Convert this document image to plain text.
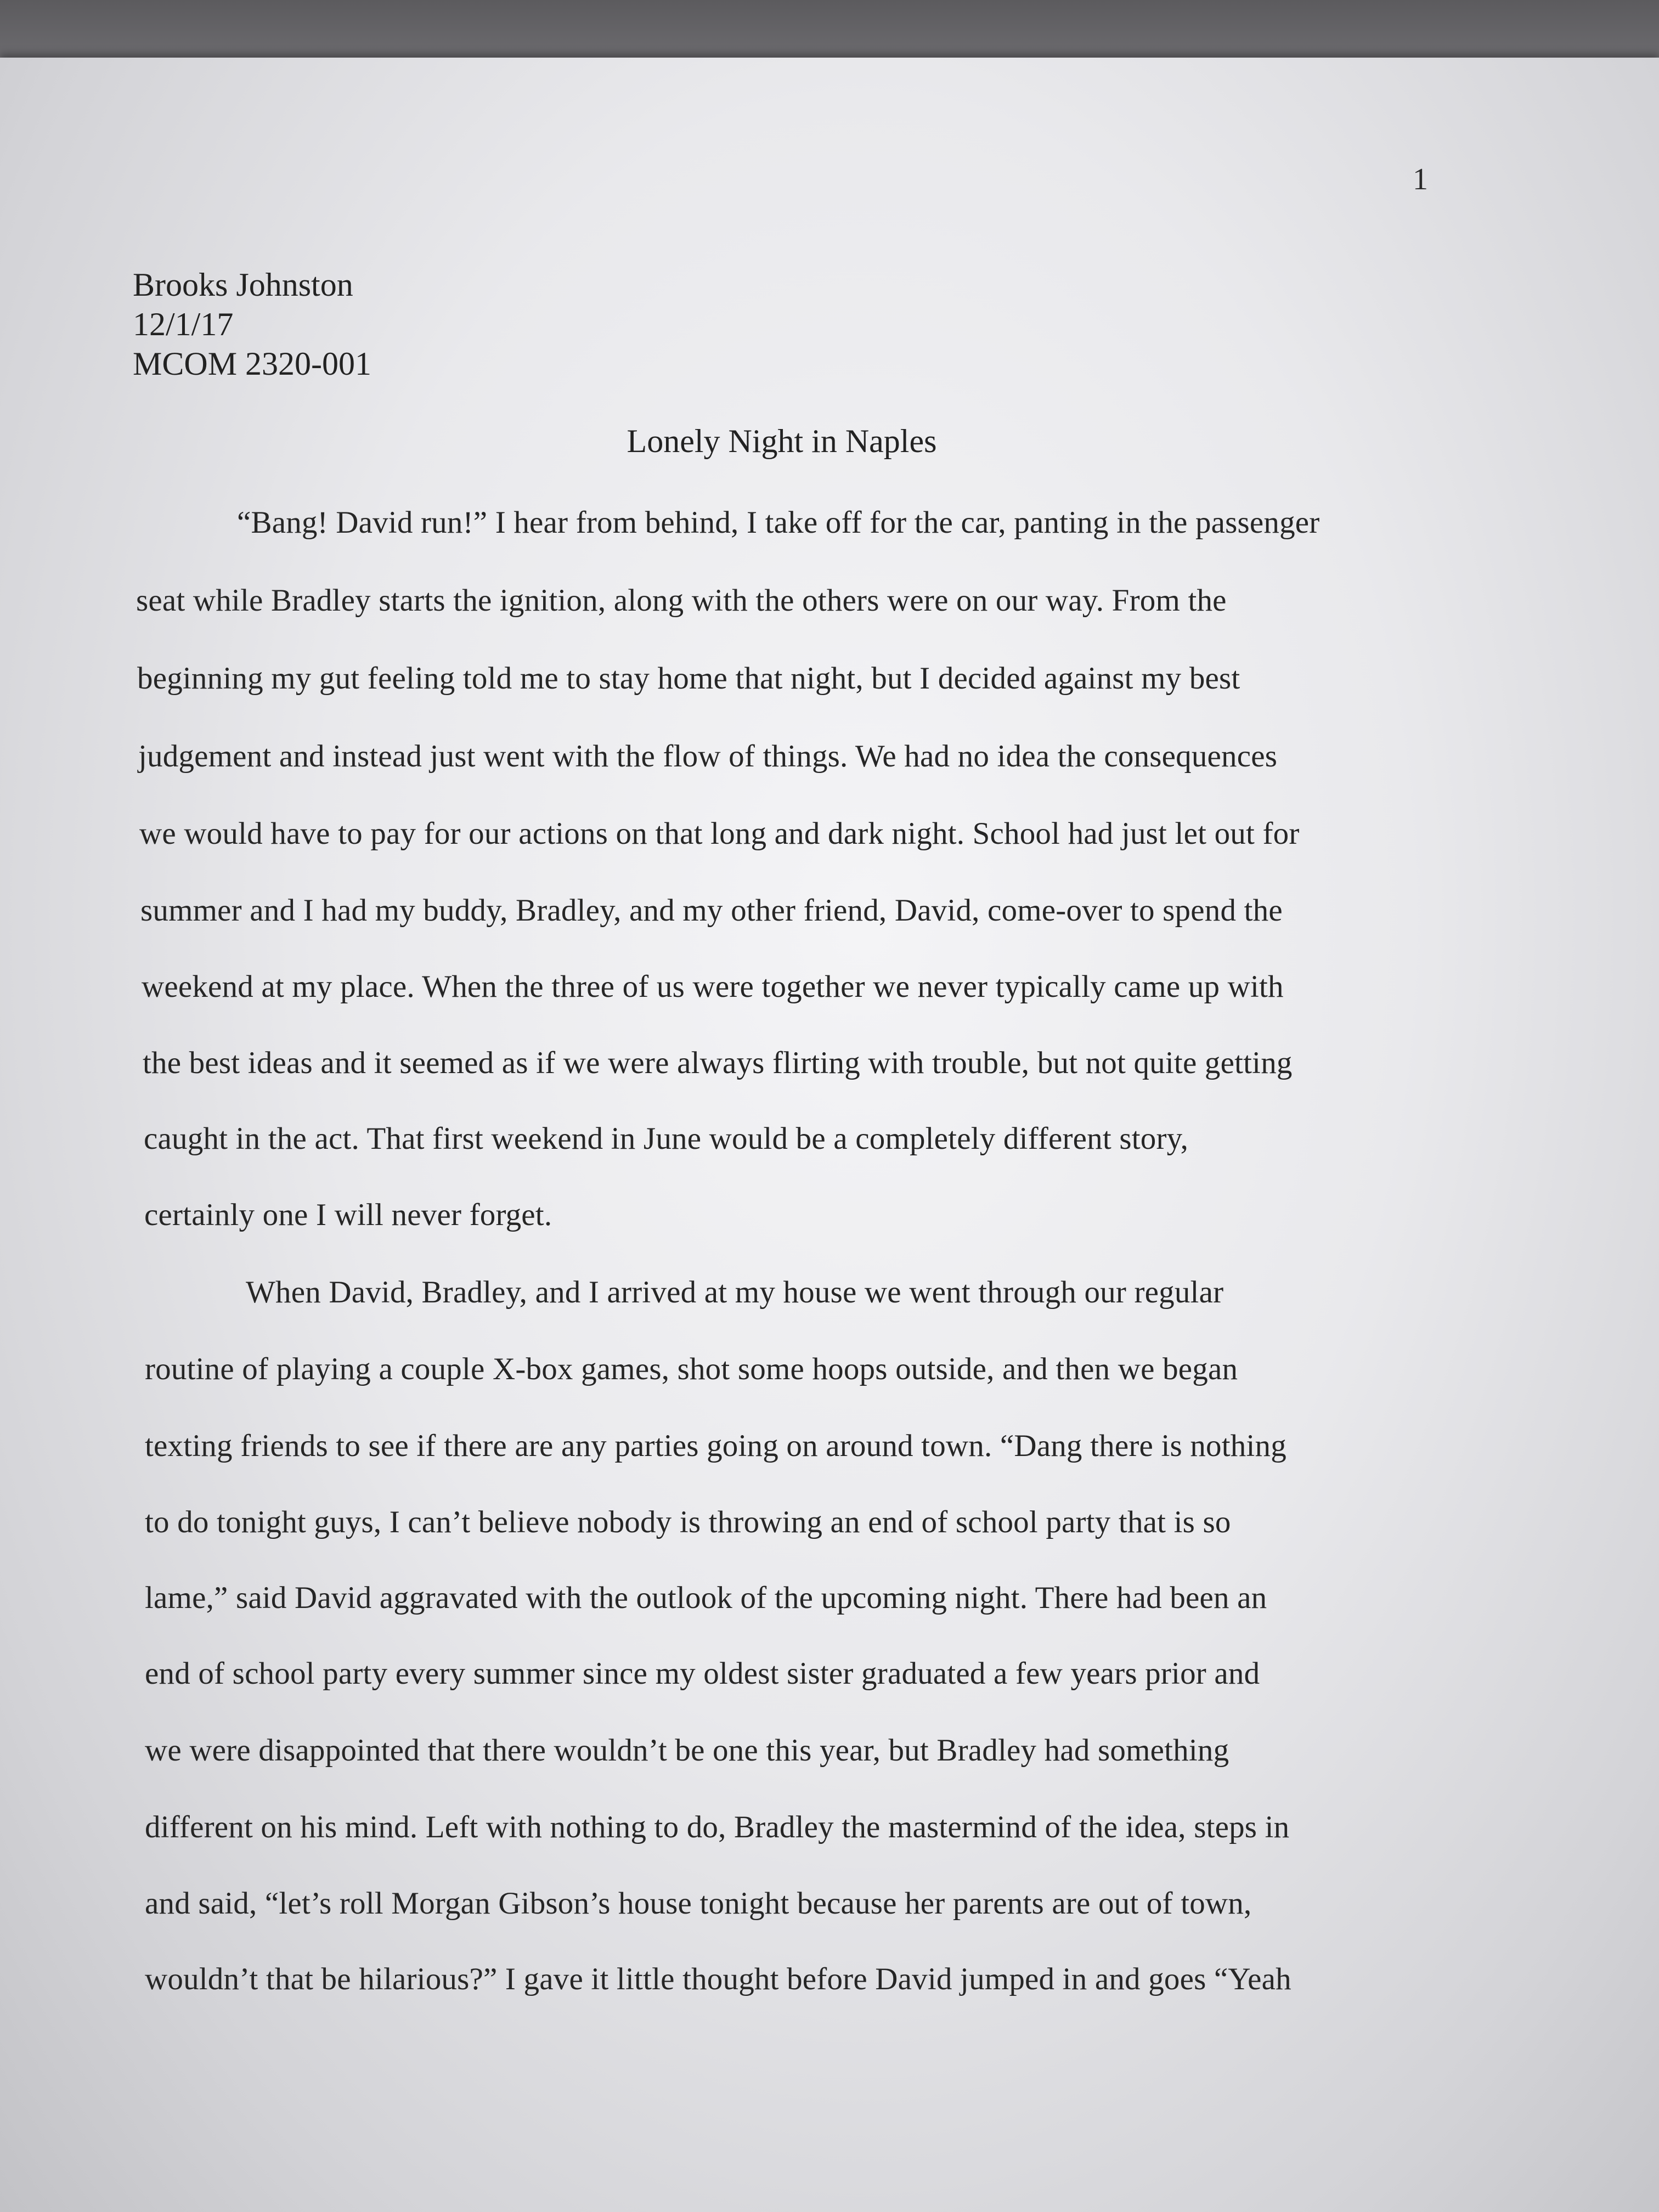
1
Brooks Johnston
12/1/17
MCOM 2320-001
Lonely Night in Naples
“Bang! David run!” I hear from behind, I take off for the car, panting in the passenger
seat while Bradley starts the ignition, along with the others were on our way. From the
beginning my gut feeling told me to stay home that night, but I decided against my best
judgement and instead just went with the flow of things. We had no idea the consequences
we would have to pay for our actions on that long and dark night. School had just let out for
summer and I had my buddy, Bradley, and my other friend, David, come-over to spend the
weekend at my place. When the three of us were together we never typically came up with
the best ideas and it seemed as if we were always flirting with trouble, but not quite getting
caught in the act. That first weekend in June would be a completely different story,
certainly one I will never forget.
When David, Bradley, and I arrived at my house we went through our regular
routine of playing a couple X-box games, shot some hoops outside, and then we began
texting friends to see if there are any parties going on around town. “Dang there is nothing
to do tonight guys, I can’t believe nobody is throwing an end of school party that is so
lame,” said David aggravated with the outlook of the upcoming night. There had been an
end of school party every summer since my oldest sister graduated a few years prior and
we were disappointed that there wouldn’t be one this year, but Bradley had something
different on his mind. Left with nothing to do, Bradley the mastermind of the idea, steps in
and said, “let’s roll Morgan Gibson’s house tonight because her parents are out of town,
wouldn’t that be hilarious?” I gave it little thought before David jumped in and goes “Yeah
